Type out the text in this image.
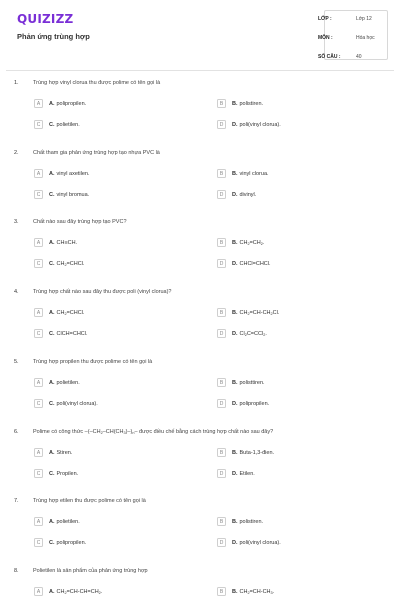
QUIZIZZ
Phản ứng trùng hợp
LỚP :	Lớp 12
MÔN :	Hóa học
SỐ CÂU :	40
1.	Trùng hợp vinyl clorua thu được polime có tên gọi là
A	A. polipropilen.	B	B. polistiren.
C	C. polietilen.	D	D. poli(vinyl clorua).
2.	Chất tham gia phản ứng trùng hợp tạo nhựa PVC là
A	A. vinyl axetilen.	B	B. vinyl clorua.
C	C. vinyl bromua.	D	D. divinyl.
3.	Chất nào sau đây trùng hợp tạo PVC?
A	A. CH≡CH.	B	B. $CH_2=CH_2$.
C	C. $CH_2=CHCl$.	D	D. CHCl=CHCl.
4.	Trùng hợp chất nào sau đây thu được poli (vinyl clorua)?
A	A. $CH_2=CHCl$.	B	B. $CH_2=CH-CH_2Cl$.
C	C. ClCH=CHCl.	D	D. $Cl_2C=CCl_2$.
5.	Trùng hợp propilen thu được polime có tên gọi là
A	A. polietilen.	B	B. polisttiren.
C	C. poli(vinyl clorua).	D	D. polipropilen.
6.	Polime có công thức $-(-CH_2-CH(CH_3)-)_n-$ được điều chế bằng cách trùng hợp chất nào sau đây?
A	A. Stiren.	B	B. Buta-1,3-đien.
C	C. Propilen.	D	D. Etilen.
7.	Trùng hợp etilen thu được polime có tên gọi là
A	A. polietilen.	B	B. polistiren.
C	C. polipropilen.	D	D. poli(vinyl clorua).
8.	Polietilen là sản phẩm của phản ứng trùng hợp
A	A. $CH_2=CH-CH=CH_2$.	B	B. $CH_2=CH-CH_3$.
